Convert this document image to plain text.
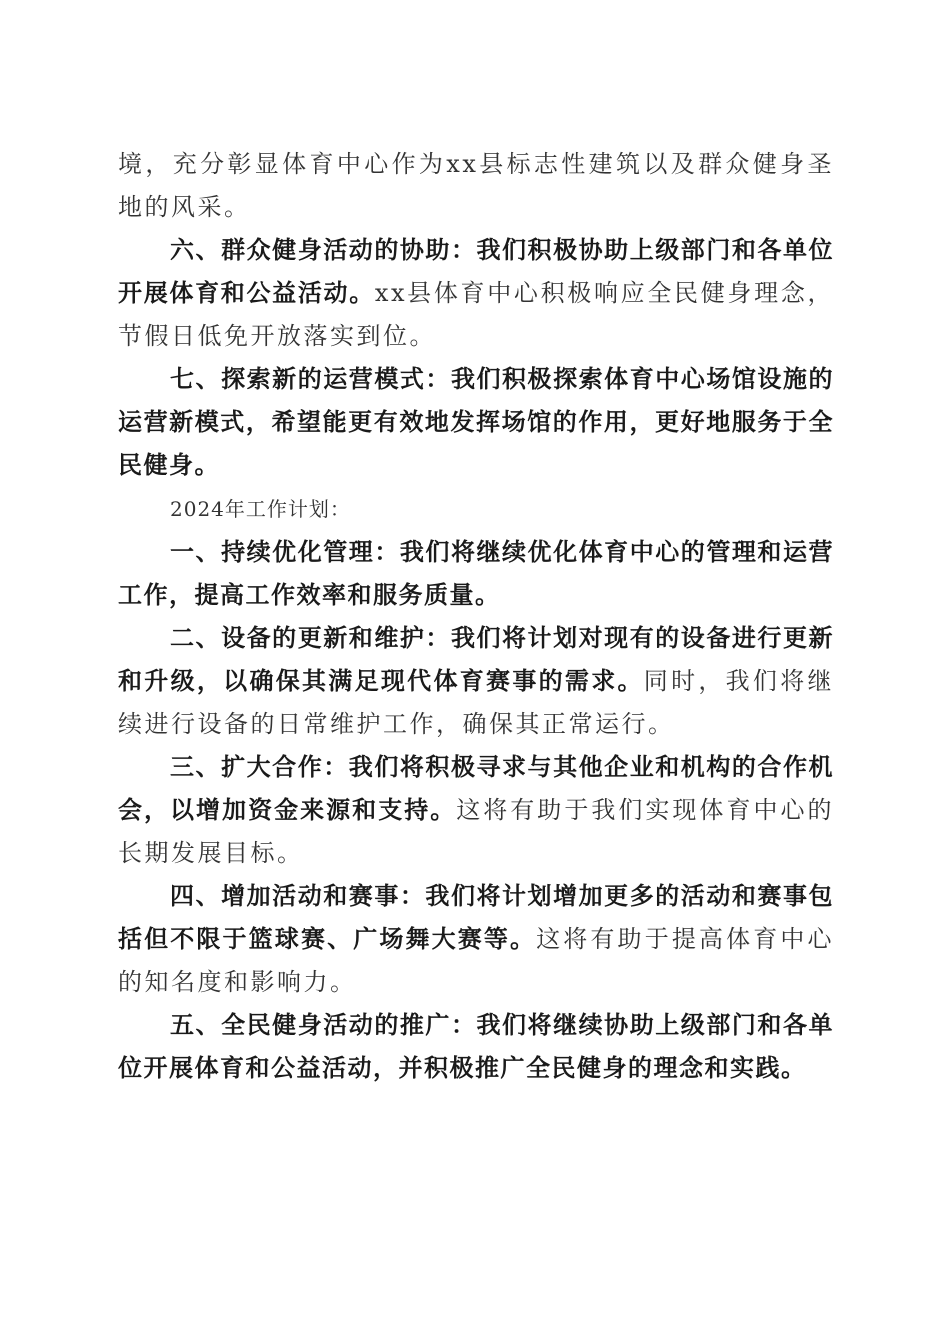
境，充分彰显体育中心作为xx县标志性建筑以及群众健身圣地的风采。

六、群众健身活动的协助：我们积极协助上级部门和各单位开展体育和公益活动。xx县体育中心积极响应全民健身理念，节假日低免开放落实到位。

七、探索新的运营模式：我们积极探索体育中心场馆设施的运营新模式，希望能更有效地发挥场馆的作用，更好地服务于全民健身。

2024年工作计划：

一、持续优化管理：我们将继续优化体育中心的管理和运营工作，提高工作效率和服务质量。

二、设备的更新和维护：我们将计划对现有的设备进行更新和升级，以确保其满足现代体育赛事的需求。同时，我们将继续进行设备的日常维护工作，确保其正常运行。

三、扩大合作：我们将积极寻求与其他企业和机构的合作机会，以增加资金来源和支持。这将有助于我们实现体育中心的长期发展目标。

四、增加活动和赛事：我们将计划增加更多的活动和赛事包括但不限于篮球赛、广场舞大赛等。这将有助于提高体育中心的知名度和影响力。

五、全民健身活动的推广：我们将继续协助上级部门和各单位开展体育和公益活动，并积极推广全民健身的理念和实践。
